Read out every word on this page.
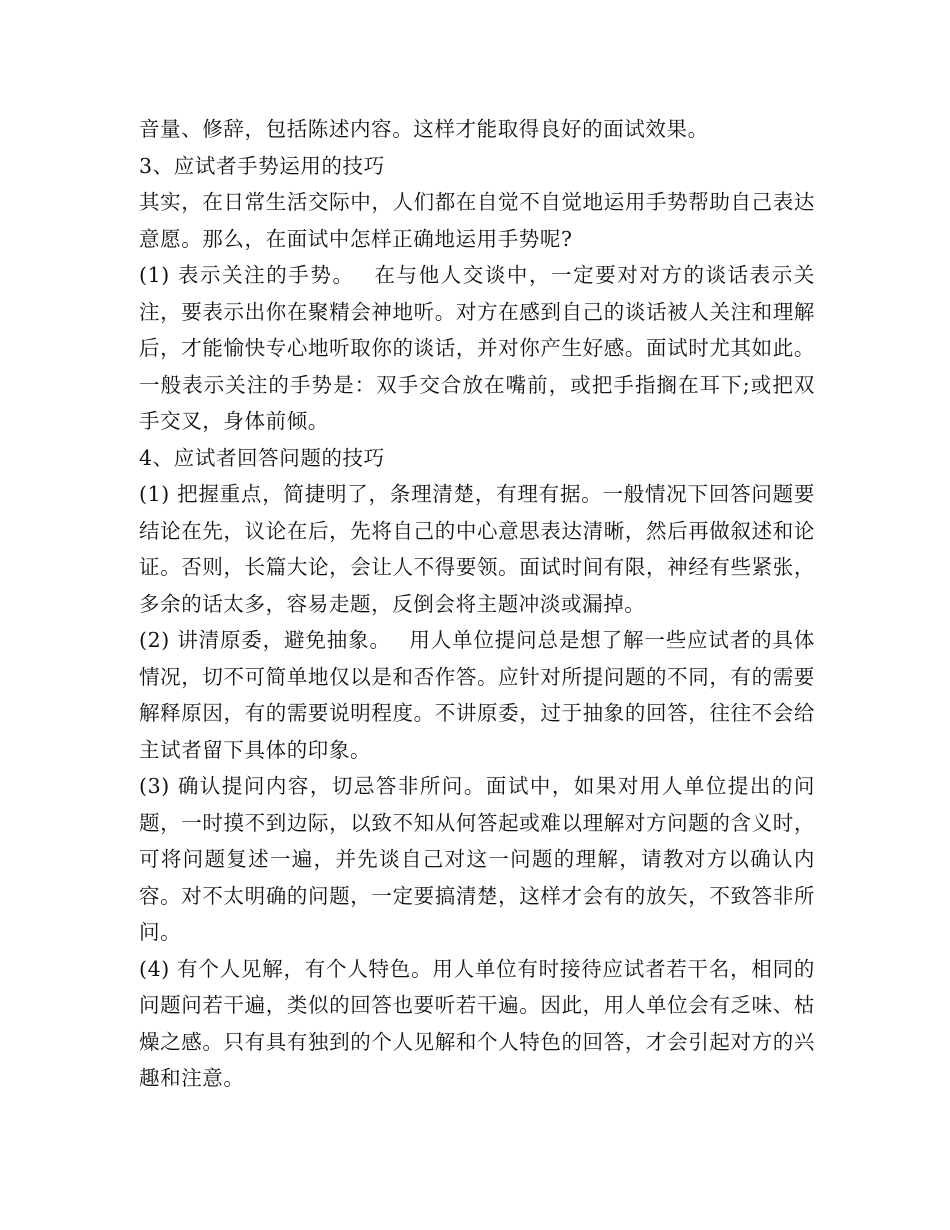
音量、修辞，包括陈述内容。这样才能取得良好的面试效果。

3、应试者手势运用的技巧

其实，在日常生活交际中，人们都在自觉不自觉地运用手势帮助自己表达意愿。那么，在面试中怎样正确地运用手势呢?

(1) 表示关注的手势。　 在与他人交谈中，一定要对对方的谈话表示关注，要表示出你在聚精会神地听。对方在感到自己的谈话被人关注和理解后，才能愉快专心地听取你的谈话，并对你产生好感。面试时尤其如此。一般表示关注的手势是：双手交合放在嘴前，或把手指搁在耳下;或把双手交叉，身体前倾。

4、应试者回答问题的技巧

(1) 把握重点，简捷明了，条理清楚，有理有据。一般情况下回答问题要结论在先，议论在后，先将自己的中心意思表达清晰，然后再做叙述和论证。否则，长篇大论，会让人不得要领。面试时间有限，神经有些紧张，多余的话太多，容易走题，反倒会将主题冲淡或漏掉。

(2) 讲清原委，避免抽象。　 用人单位提问总是想了解一些应试者的具体情况，切不可简单地仅以是和否作答。应针对所提问题的不同，有的需要解释原因，有的需要说明程度。不讲原委，过于抽象的回答，往往不会给主试者留下具体的印象。

(3) 确认提问内容，切忌答非所问。面试中，如果对用人单位提出的问题，一时摸不到边际，以致不知从何答起或难以理解对方问题的含义时，可将问题复述一遍，并先谈自己对这一问题的理解，请教对方以确认内容。对不太明确的问题，一定要搞清楚，这样才会有的放矢，不致答非所问。

(4) 有个人见解，有个人特色。用人单位有时接待应试者若干名，相同的问题问若干遍，类似的回答也要听若干遍。因此，用人单位会有乏味、枯燥之感。只有具有独到的个人见解和个人特色的回答，才会引起对方的兴趣和注意。
